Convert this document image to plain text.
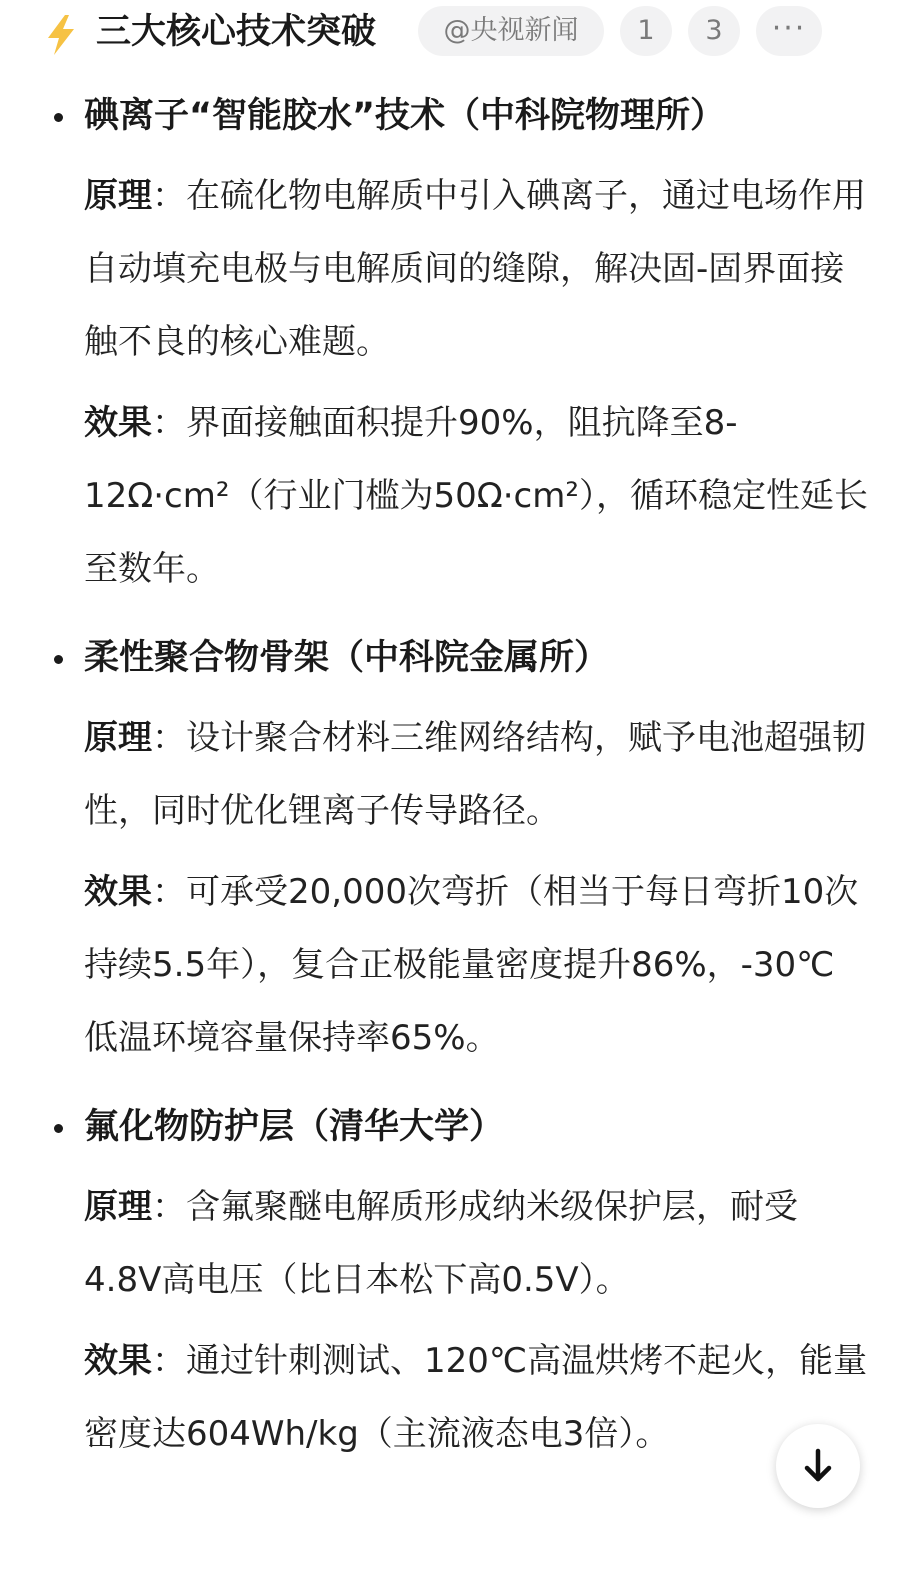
三大核心技术突破	@央视新闻	1	3	···
碘离子“智能胶水”技术（中科院物理所）

原理：在硫化物电解质中引入碘离子，通过电场作用自动填充电极与电解质间的缝隙，解决固-固界面接触不良的核心难题。

效果：界面接触面积提升90%，阻抗降至8-12Ω·cm²（行业门槛为50Ω·cm²），循环稳定性延长至数年。

柔性聚合物骨架（中科院金属所）

原理：设计聚合材料三维网络结构，赋予电池超强韧性，同时优化锂离子传导路径。

效果：可承受20,000次弯折（相当于每日弯折10次持续5.5年），复合正极能量密度提升86%，-30℃低温环境容量保持率65%。

氟化物防护层（清华大学）

原理：含氟聚醚电解质形成纳米级保护层，耐受4.8V高电压（比日本松下高0.5V）。

效果：通过针刺测试、120℃高温烘烤不起火，能量密度达604Wh/kg（主流液态电3倍）。
